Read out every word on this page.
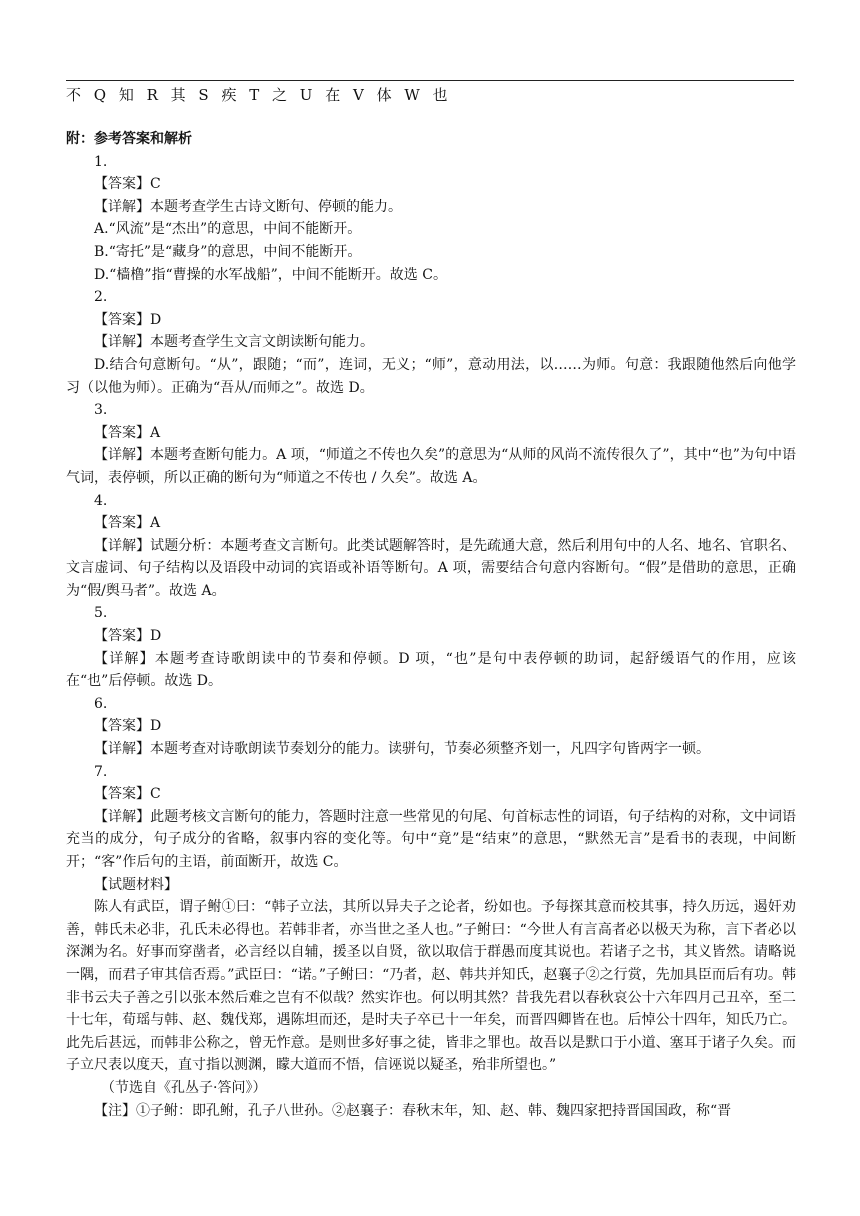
不 Q 知 R 其 S 疾 T 之 U 在 V 体 W 也

附：参考答案和解析

1.

【答案】C

【详解】本题考查学生古诗文断句、停顿的能力。

A.“风流”是“杰出”的意思，中间不能断开。

B.“寄托”是“藏身”的意思，中间不能断开。

D.“樯橹”指“曹操的水军战船”，中间不能断开。故选 C。

2.

【答案】D

【详解】本题考查学生文言文朗读断句能力。

D.结合句意断句。“从”，跟随；“而”，连词，无义；“师”，意动用法，以……为师。句意：我跟随他然后向他学习（以他为师）。正确为“吾从/而师之”。故选 D。

3.

【答案】A

【详解】本题考查断句能力。A 项，“师道之不传也久矣”的意思为“从师的风尚不流传很久了”，其中“也”为句中语气词，表停顿，所以正确的断句为“师道之不传也 / 久矣”。故选 A。

4.

【答案】A

【详解】试题分析：本题考查文言断句。此类试题解答时，是先疏通大意，然后利用句中的人名、地名、官职名、文言虚词、句子结构以及语段中动词的宾语或补语等断句。A 项，需要结合句意内容断句。“假”是借助的意思，正确为“假/舆马者”。故选 A。

5.

【答案】D

【详解】本题考查诗歌朗读中的节奏和停顿。D 项，“也”是句中表停顿的助词，起舒缓语气的作用，应该在“也”后停顿。故选 D。

6.

【答案】D

【详解】本题考查对诗歌朗读节奏划分的能力。读骈句，节奏必须整齐划一，凡四字句皆两字一顿。

7.

【答案】C

【详解】此题考核文言断句的能力，答题时注意一些常见的句尾、句首标志性的词语，句子结构的对称，文中词语充当的成分，句子成分的省略，叙事内容的变化等。句中“竟”是“结束”的意思，“默然无言”是看书的表现，中间断开；“客”作后句的主语，前面断开，故选 C。

【试题材料】

陈人有武臣，谓子鲋①曰：“韩子立法，其所以异夫子之论者，纷如也。予每探其意而校其事，持久历远，遏奸劝善，韩氏未必非，孔氏未必得也。若韩非者，亦当世之圣人也。”子鲋曰：“今世人有言高者必以极天为称，言下者必以深渊为名。好事而穿凿者，必言经以自辅，援圣以自贤，欲以取信于群愚而度其说也。若诸子之书，其义皆然。请略说一隅，而君子审其信否焉。”武臣曰：“诺。”子鲋曰：“乃者，赵、韩共并知氏，赵襄子②之行赏，先加具臣而后有功。韩非书云夫子善之引以张本然后难之岂有不似哉？然实诈也。何以明其然？昔我先君以春秋哀公十六年四月己丑卒，至二十七年，荀瑶与韩、赵、魏伐郑，遇陈坦而还，是时夫子卒已十一年矣，而晋四卿皆在也。后悼公十四年，知氏乃亡。此先后甚远，而韩非公称之，曾无怍意。是则世多好事之徒，皆非之罪也。故吾以是默口于小道、塞耳于诸子久矣。而子立尺表以度天，直寸指以测渊，矇大道而不悟，信诬说以疑圣，殆非所望也。”

（节选自《孔丛子·答问》）

【注】①子鲋：即孔鲋，孔子八世孙。②赵襄子：春秋末年，知、赵、韩、魏四家把持晋国国政，称“晋
